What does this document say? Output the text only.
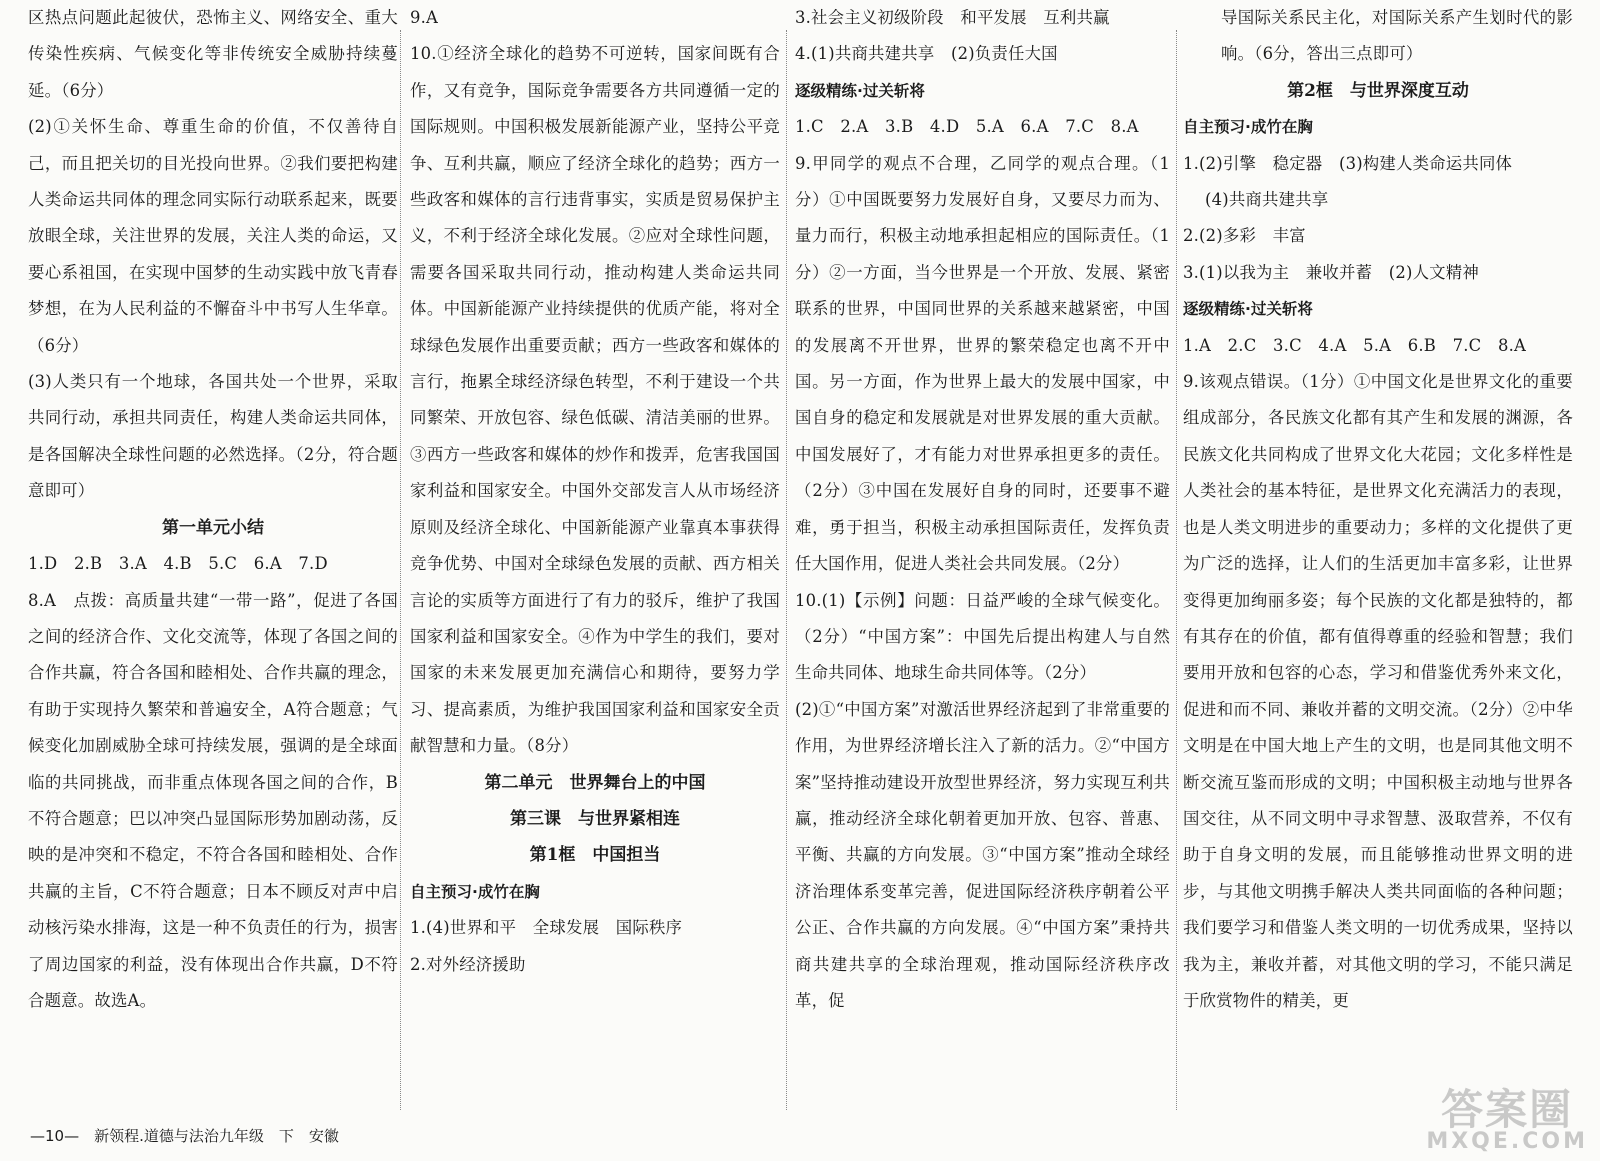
区热点问题此起彼伏，恐怖主义、网络安全、重大传染性疾病、气候变化等非传统安全威胁持续蔓延。（6分）

(2)①关怀生命、尊重生命的价值，不仅善待自己，而且把关切的目光投向世界。②我们要把构建人类命运共同体的理念同实际行动联系起来，既要放眼全球，关注世界的发展，关注人类的命运，又要心系祖国，在实现中国梦的生动实践中放飞青春梦想，在为人民利益的不懈奋斗中书写人生华章。（6分）

(3)人类只有一个地球，各国共处一个世界，采取共同行动，承担共同责任，构建人类命运共同体，是各国解决全球性问题的必然选择。（2分，符合题意即可）

第一单元小结

1.D　2.B　3.A　4.B　5.C　6.A　7.D

8.A　点拨：高质量共建“一带一路”，促进了各国之间的经济合作、文化交流等，体现了各国之间的合作共赢，符合各国和睦相处、合作共赢的理念，有助于实现持久繁荣和普遍安全，A符合题意；气候变化加剧威胁全球可持续发展，强调的是全球面临的共同挑战，而非重点体现各国之间的合作，B不符合题意；巴以冲突凸显国际形势加剧动荡，反映的是冲突和不稳定，不符合各国和睦相处、合作共赢的主旨，C不符合题意；日本不顾反对声中启动核污染水排海，这是一种不负责任的行为，损害了周边国家的利益，没有体现出合作共赢，D不符合题意。故选A。

9.A

10.①经济全球化的趋势不可逆转，国家间既有合作，又有竞争，国际竞争需要各方共同遵循一定的国际规则。中国积极发展新能源产业，坚持公平竞争、互利共赢，顺应了经济全球化的趋势；西方一些政客和媒体的言行违背事实，实质是贸易保护主义，不利于经济全球化发展。②应对全球性问题，需要各国采取共同行动，推动构建人类命运共同体。中国新能源产业持续提供的优质产能，将对全球绿色发展作出重要贡献；西方一些政客和媒体的言行，拖累全球经济绿色转型，不利于建设一个共同繁荣、开放包容、绿色低碳、清洁美丽的世界。③西方一些政客和媒体的炒作和拨弄，危害我国国家利益和国家安全。中国外交部发言人从市场经济原则及经济全球化、中国新能源产业靠真本事获得竞争优势、中国对全球绿色发展的贡献、西方相关言论的实质等方面进行了有力的驳斥，维护了我国国家利益和国家安全。④作为中学生的我们，要对国家的未来发展更加充满信心和期待，要努力学习、提高素质，为维护我国国家利益和国家安全贡献智慧和力量。（8分）

第二单元　世界舞台上的中国

第三课　与世界紧相连

第1框　中国担当

自主预习·成竹在胸

1.(4)世界和平　全球发展　国际秩序

2.对外经济援助

3.社会主义初级阶段　和平发展　互利共赢

4.(1)共商共建共享　(2)负责任大国

逐级精练·过关斩将

1.C　2.A　3.B　4.D　5.A　6.A　7.C　8.A

9.甲同学的观点不合理，乙同学的观点合理。（1分）①中国既要努力发展好自身，又要尽力而为、量力而行，积极主动地承担起相应的国际责任。（1分）②一方面，当今世界是一个开放、发展、紧密联系的世界，中国同世界的关系越来越紧密，中国的发展离不开世界，世界的繁荣稳定也离不开中国。另一方面，作为世界上最大的发展中国家，中国自身的稳定和发展就是对世界发展的重大贡献。中国发展好了，才有能力对世界承担更多的责任。（2分）③中国在发展好自身的同时，还要事不避难，勇于担当，积极主动承担国际责任，发挥负责任大国作用，促进人类社会共同发展。（2分）

10.(1)【示例】问题：日益严峻的全球气候变化。（2分）“中国方案”：中国先后提出构建人与自然生命共同体、地球生命共同体等。（2分）

(2)①“中国方案”对激活世界经济起到了非常重要的作用，为世界经济增长注入了新的活力。②“中国方案”坚持推动建设开放型世界经济，努力实现互利共赢，推动经济全球化朝着更加开放、包容、普惠、平衡、共赢的方向发展。③“中国方案”推动全球经济治理体系变革完善，促进国际经济秩序朝着公平公正、合作共赢的方向发展。④“中国方案”秉持共商共建共享的全球治理观，推动国际经济秩序改革，促

导国际关系民主化，对国际关系产生划时代的影响。（6分，答出三点即可）

第2框　与世界深度互动

自主预习·成竹在胸

1.(2)引擎　稳定器　(3)构建人类命运共同体

(4)共商共建共享

2.(2)多彩　丰富

3.(1)以我为主　兼收并蓄　(2)人文精神

逐级精练·过关斩将

1.A　2.C　3.C　4.A　5.A　6.B　7.C　8.A

9.该观点错误。（1分）①中国文化是世界文化的重要组成部分，各民族文化都有其产生和发展的渊源，各民族文化共同构成了世界文化大花园；文化多样性是人类社会的基本特征，是世界文化充满活力的表现，也是人类文明进步的重要动力；多样的文化提供了更为广泛的选择，让人们的生活更加丰富多彩，让世界变得更加绚丽多姿；每个民族的文化都是独特的，都有其存在的价值，都有值得尊重的经验和智慧；我们要用开放和包容的心态，学习和借鉴优秀外来文化，促进和而不同、兼收并蓄的文明交流。（2分）②中华文明是在中国大地上产生的文明，也是同其他文明不断交流互鉴而形成的文明；中国积极主动地与世界各国交往，从不同文明中寻求智慧、汲取营养，不仅有助于自身文明的发展，而且能够推动世界文明的进步，与其他文明携手解决人类共同面临的各种问题；我们要学习和借鉴人类文明的一切优秀成果，坚持以我为主，兼收并蓄，对其他文明的学习，不能只满足于欣赏物件的精美，更

—10—　新领程.道德与法治九年级　下　安徽
答案圈
MXQE.COM
